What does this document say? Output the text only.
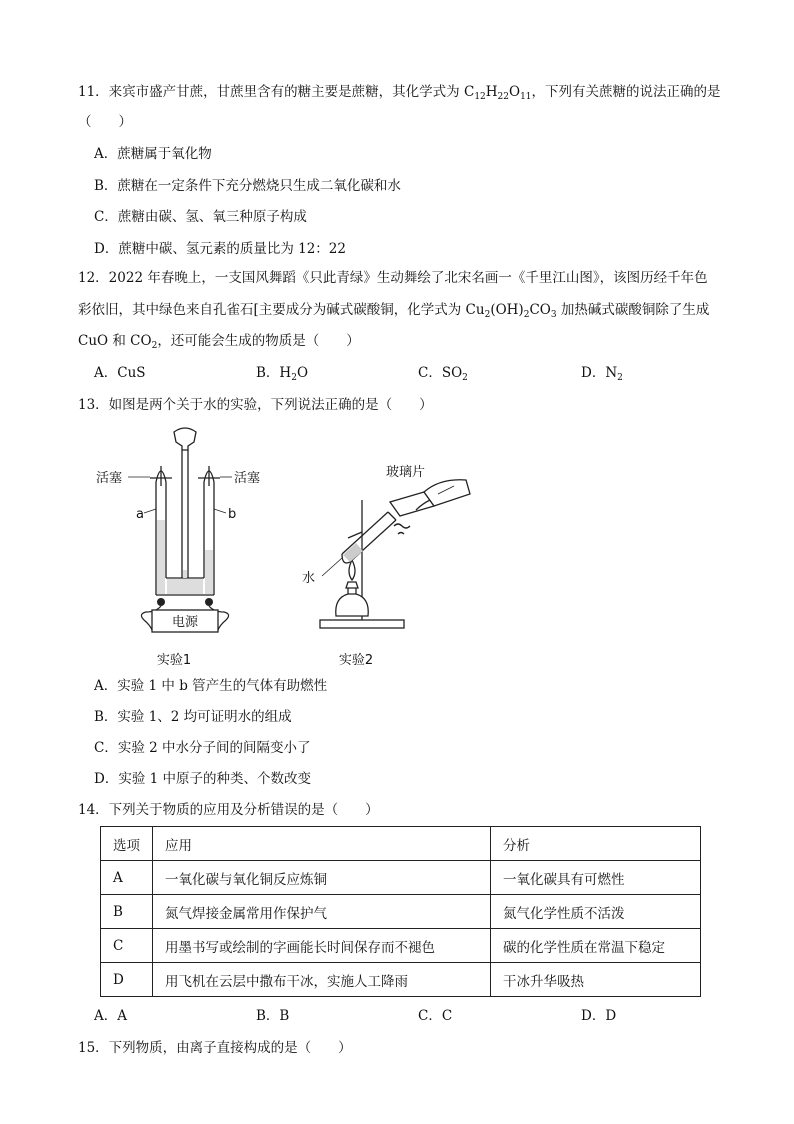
11．来宾市盛产甘蔗，甘蔗里含有的糖主要是蔗糖，其化学式为 $C_{12}H_{22}O_{11}$，下列有关蔗糖的说法正确的是
（　　）
A．蔗糖属于氧化物
B．蔗糖在一定条件下充分燃烧只生成二氧化碳和水
C．蔗糖由碳、氢、氧三种原子构成
D．蔗糖中碳、氢元素的质量比为 12：22
12．2022 年春晚上，一支国风舞蹈《只此青绿》生动舞绘了北宋名画一《千里江山图》，该图历经千年色
彩依旧，其中绿色来自孔雀石[主要成分为碱式碳酸铜，化学式为 $Cu_2(OH)_2CO_3$ 加热碱式碳酸铜除了生成
CuO 和 $CO_2$，还可能会生成的物质是（　　）
A．CuS	B．$H_2O$	C．$SO_2$	D．$N_2$
13．如图是两个关于水的实验，下列说法正确的是（　　）
电源
活塞	活塞
a	b
实验1
水
玻璃片
实验2
A．实验 1 中 b 管产生的气体有助燃性
B．实验 1、2 均可证明水的组成
C．实验 2 中水分子间的间隔变小了
D．实验 1 中原子的种类、个数改变
14．下列关于物质的应用及分析错误的是（　　）
选项	应用	分析
A	一氧化碳与氧化铜反应炼铜	一氧化碳具有可燃性
B	氮气焊接金属常用作保护气	氮气化学性质不活泼
C	用墨书写或绘制的字画能长时间保存而不褪色	碳的化学性质在常温下稳定
D	用飞机在云层中撒布干冰，实施人工降雨	干冰升华吸热
A．A	B．B	C．C	D．D
15．下列物质，由离子直接构成的是（　　）
